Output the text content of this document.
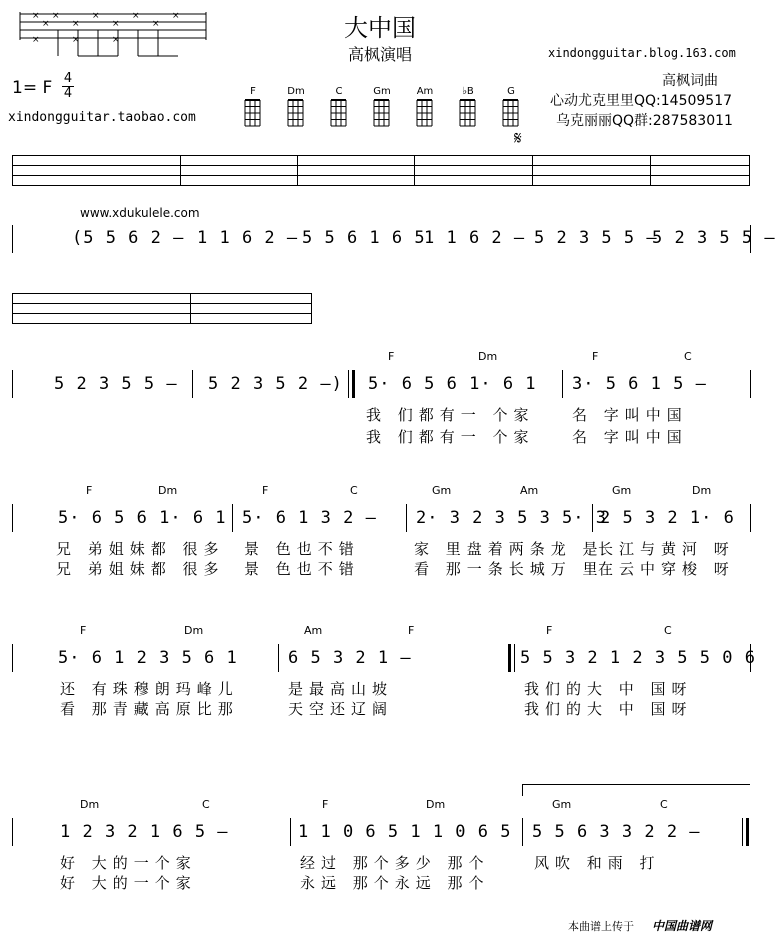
大中国
高枫演唱	xindongguitar.blog.163.com
×
×
×
×
×
×
×
×
×
×	×	×
1= F 4
4
xindongguitar.taobao.com
F	Dm	C	Gm	Am	♭B	G
高枫词曲
心动尤克里里QQ:14509517
乌克丽丽QQ群:287583011
𝄋
www.xdukulele.com
(5 5 6 2 — 1 1 6 2 — 5 5 6 1 6 5
1 1 6 2 — 5 2 3 5 5 —
5 2 3 5 5 —
5 2 3 5 5 — 5 2 3 5 2 —)
F	Dm	F	C
5· 6 5 6 1· 6 1 3· 5 6 1 5 —
我 们都有一 个家 名 字叫中国
我 们都有一 个家 名 字叫中国
F	Dm	F	C	Gm	Am	Gm	Dm
5· 6 5 6 1· 6 1 5· 6 1 3 2 — 2· 3 2 3 5 3 5· 3
2 5 3 2 1· 6
兄 弟姐妹都 很多 景 色也不错	家 里盘着两条龙 是
长江与黄河 呀
兄 弟姐妹都 很多 景 色也不错	看 那一条长城万 里
在云中穿梭 呀
F	Dm	Am	F	F	C
5· 6 1 2 3 5 6 1	6 5 3 2 1 —	5 5 3 2 1 2 3 5 5 0 6
还 有珠穆朗玛峰儿	是最高山坡	我们的大 中 国呀
看 那青藏高原比那	天空还辽阔	我们的大 中 国呀
Dm	C	F	Dm	Gm	C
1 2 3 2 1 6 5 —	1 1 0 6 5 1 1 0 6 5 5 5 6 3 3 2 2 —
好 大的一个家	经过 那个多少 那个	风吹 和雨 打
好 大的一个家	永远 那个永远 那个
本曲谱上传于 中国曲谱网
